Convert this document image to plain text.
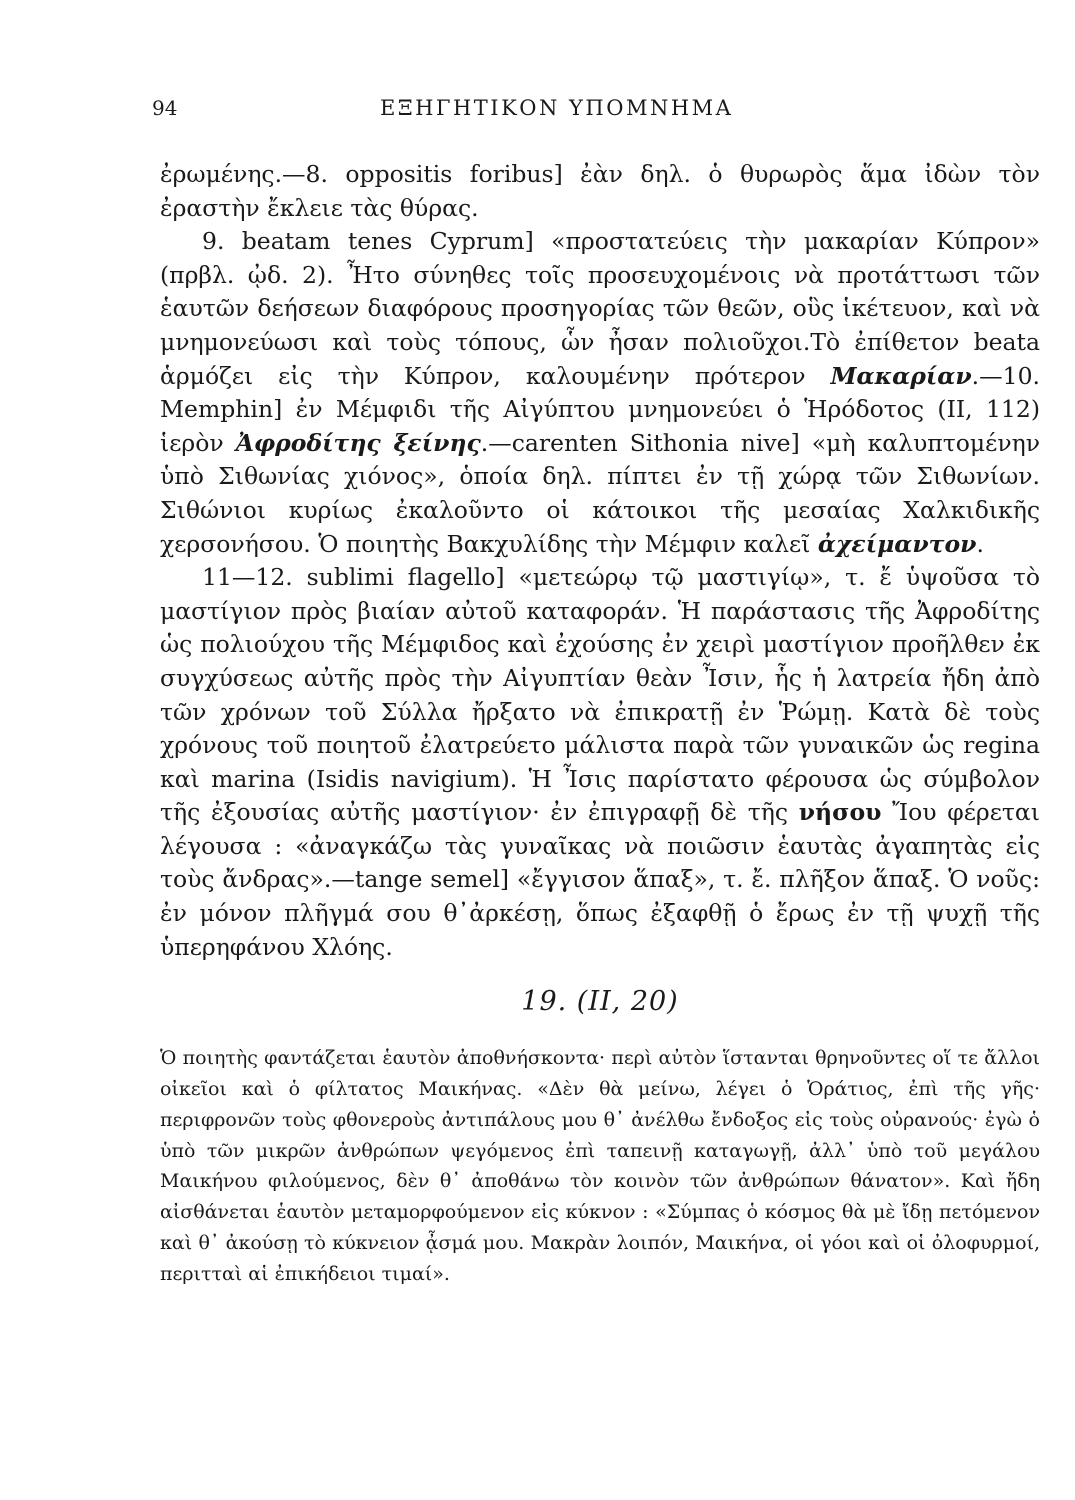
94	ΕΞΗΓΗΤΙΚΟΝ ΥΠΟΜΝΗΜΑ

ἐρωμένης.—8. oppositis foribus] ἐὰν δηλ. ὁ θυρωρὸς ἅμα ἰδὼν τὸν ἐραστὴν ἔκλειε τὰς θύρας.

9. beatam tenes Cyprum] «προστατεύεις τὴν μακαρίαν Κύπρον» (πρβλ. ᾠδ. 2). Ἦτο σύνηθες τοῖς προσευχομένοις νὰ προτάττωσι τῶν ἑαυτῶν δεήσεων διαφόρους προσηγορίας τῶν θεῶν, οὓς ἱκέτευον, καὶ νὰ μνημονεύωσι καὶ τοὺς τόπους, ὧν ἦσαν πολιοῦχοι.Τὸ ἐπίθετον beata ἁρμόζει εἰς τὴν Κύπρον, καλουμένην πρότερον Μακαρίαν.—10. Memphin] ἐν Μέμφιδι τῆς Αἰγύπτου μνημονεύει ὁ Ἡρόδοτος (II, 112) ἱερὸν Ἀφροδίτης ξείνης.—carenten Sithonia nive] «μὴ καλυπτομένην ὑπὸ Σιθωνίας χιόνος», ὁποία δηλ. πίπτει ἐν τῇ χώρᾳ τῶν Σιθωνίων. Σιθώνιοι κυρίως ἐκαλοῦντο οἱ κάτοικοι τῆς μεσαίας Χαλκιδικῆς χερσονήσου. Ὁ ποιητὴς Βακχυλίδης τὴν Μέμφιν καλεῖ ἀχείμαντον.

11—12. sublimi flagello] «μετεώρῳ τῷ μαστιγίῳ», τ. ἔ ὑψοῦσα τὸ μαστίγιον πρὸς βιαίαν αὐτοῦ καταφοράν. Ἡ παράστασις τῆς Ἀφροδίτης ὡς πολιούχου τῆς Μέμφιδος καὶ ἐχούσης ἐν χειρὶ μαστίγιον προῆλθεν ἐκ συγχύσεως αὐτῆς πρὸς τὴν Αἰγυπτίαν θεὰν Ἶσιν, ἧς ἡ λατρεία ἤδη ἀπὸ τῶν χρόνων τοῦ Σύλλα ἤρξατο νὰ ἐπικρατῇ ἐν Ῥώμῃ. Κατὰ δὲ τοὺς χρόνους τοῦ ποιητοῦ ἐλατρεύετο μάλιστα παρὰ τῶν γυναικῶν ὡς regina καὶ marina (Isidis navigium). Ἡ Ἶσις παρίστατο φέρουσα ὡς σύμβολον τῆς ἐξουσίας αὐτῆς μαστίγιον· ἐν ἐπιγραφῇ δὲ τῆς νήσου Ἴου φέρεται λέγουσα : «ἀναγκάζω τὰς γυναῖκας νὰ ποιῶσιν ἑαυτὰς ἀγαπητὰς εἰς τοὺς ἄνδρας».—tange semel] «ἔγγισον ἅπαξ», τ. ἔ. πλῆξον ἅπαξ. Ὁ νοῦς: ἐν μόνον πλῆγμά σου θ᾿ἀρκέσῃ, ὅπως ἐξαφθῇ ὁ ἔρως ἐν τῇ ψυχῇ τῆς ὑπερηφάνου Χλόης.

19. (II, 20)

Ὁ ποιητὴς φαντάζεται ἑαυτὸν ἀποθνήσκοντα· περὶ αὐτὸν ἵστανται θρηνοῦντες οἵ τε ἄλλοι οἰκεῖοι καὶ ὁ φίλτατος Μαικήνας. «Δὲν θὰ μείνω, λέγει ὁ Ὁράτιος, ἐπὶ τῆς γῆς· περιφρονῶν τοὺς φθονεροὺς ἀντιπάλους μου θ᾿ ἀνέλθω ἔνδοξος εἰς τοὺς οὐρανούς· ἐγὼ ὁ ὑπὸ τῶν μικρῶν ἀνθρώπων ψεγόμενος ἐπὶ ταπεινῇ καταγωγῇ, ἀλλ᾿ ὑπὸ τοῦ μεγάλου Μαικήνου φιλούμενος, δὲν θ᾿ ἀποθάνω τὸν κοινὸν τῶν ἀνθρώπων θάνατον». Καὶ ἤδη αἰσθάνεται ἑαυτὸν μεταμορφούμενον εἰς κύκνον : «Σύμπας ὁ κόσμος θὰ μὲ ἴδῃ πετόμενον καὶ θ᾿ ἀκούσῃ τὸ κύκνειον ᾆσμά μου. Μακρὰν λοιπόν, Μαικήνα, οἱ γόοι καὶ οἱ ὀλοφυρμοί, περιτταὶ αἱ ἐπικήδειοι τιμαί».
